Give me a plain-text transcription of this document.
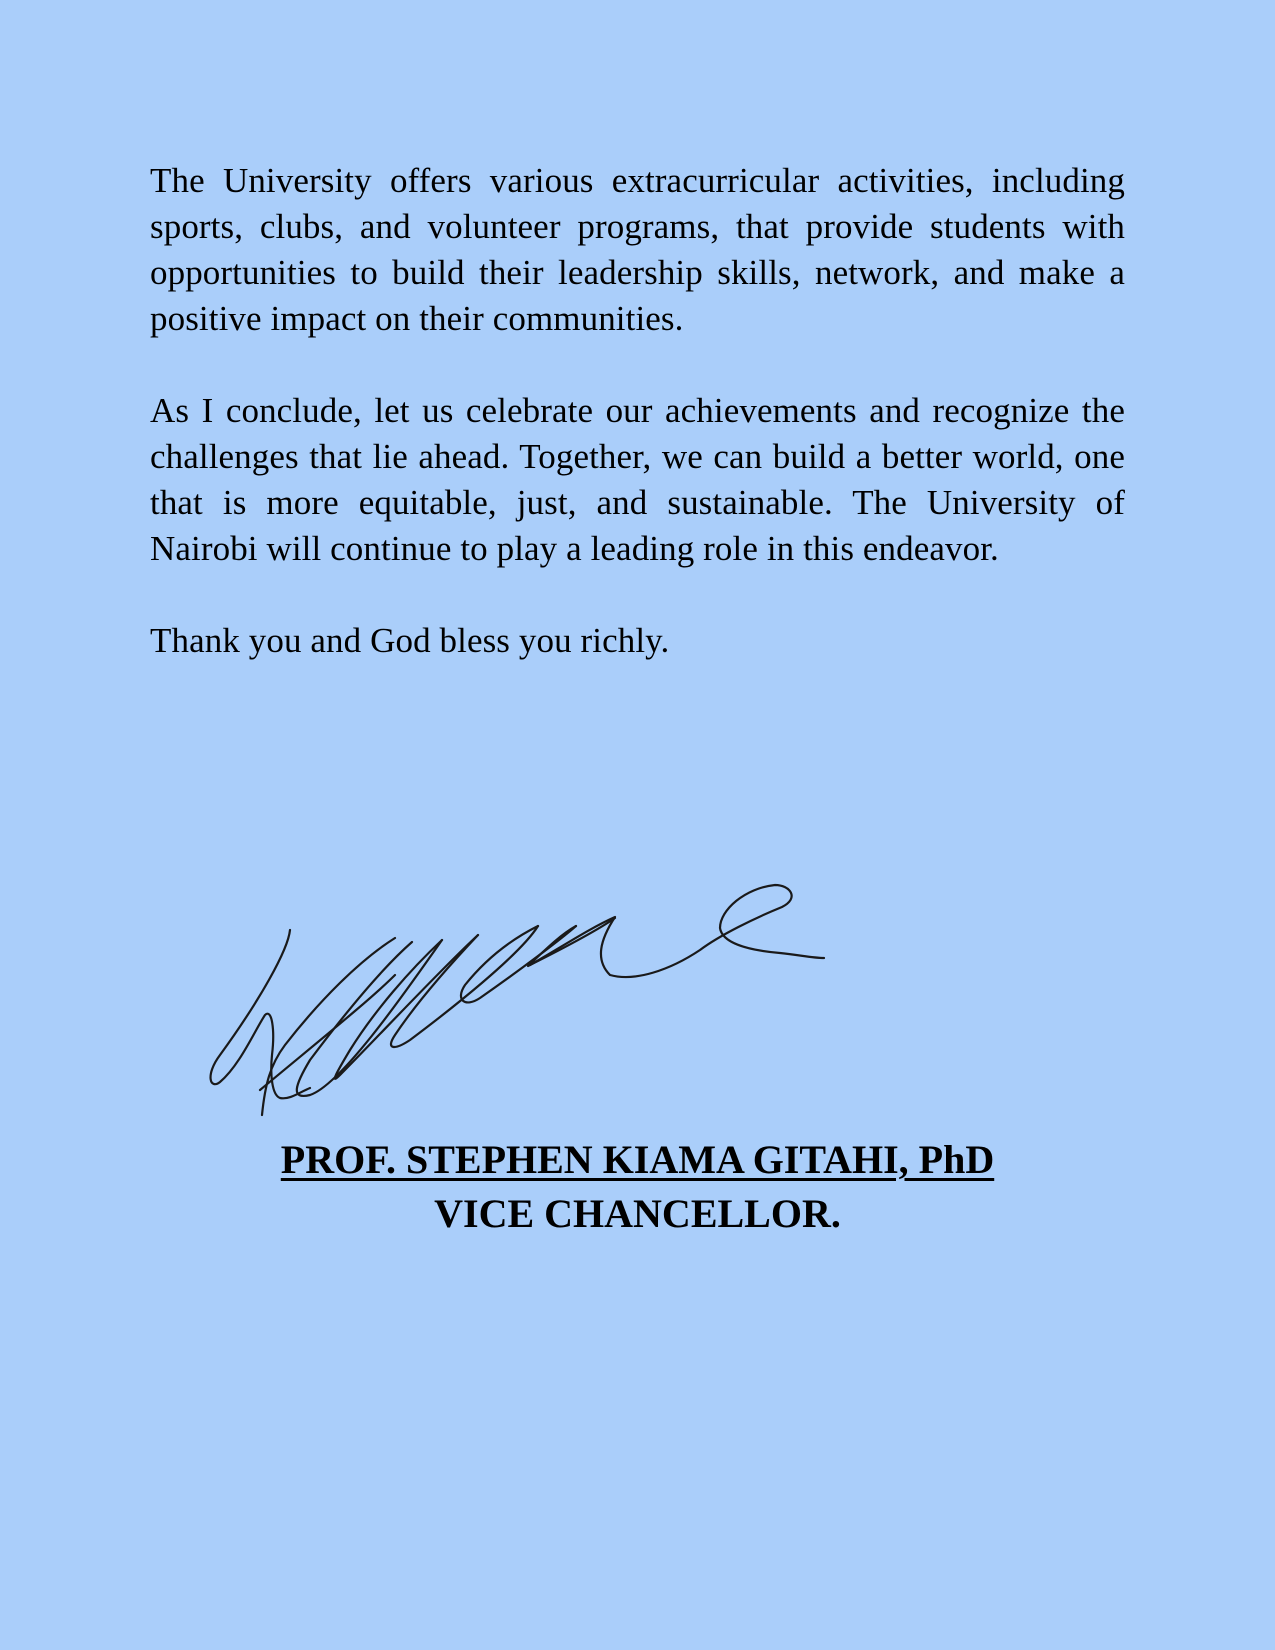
The University offers various extracurricular activities, including sports, clubs, and volunteer programs, that provide students with opportunities to build their leadership skills, network, and make a positive impact on their communities.

As I conclude, let us celebrate our achievements and recognize the challenges that lie ahead. Together, we can build a better world, one that is more equitable, just, and sustainable. The University of Nairobi will continue to play a leading role in this endeavor.

Thank you and God bless you richly.

PROF. STEPHEN KIAMA GITAHI, PhD
VICE CHANCELLOR.
